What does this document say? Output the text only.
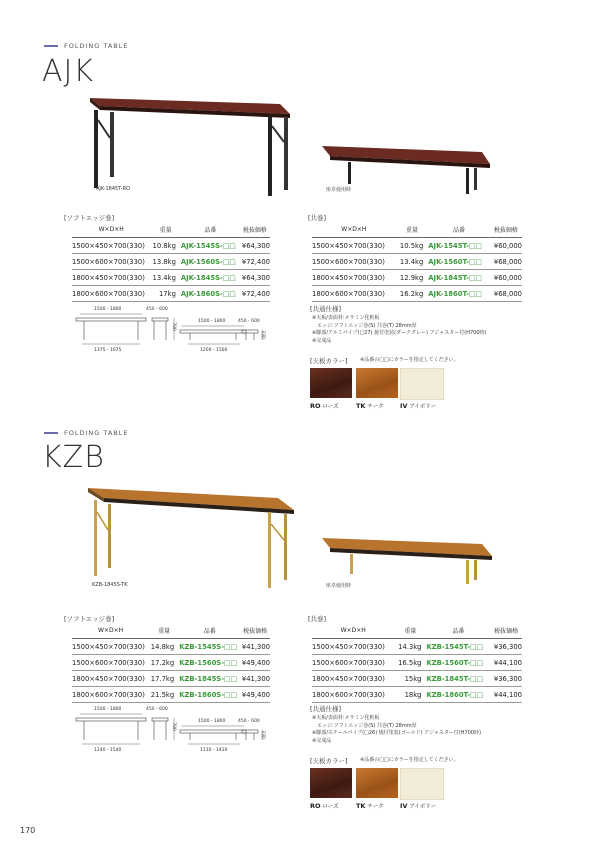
FOLDING TABLE
AJK
AJK-1845T-RO	座卓使用時
[ソフトエッジ巻]
W×D×H	重量	品番	税抜価格
1500×450×700(330)	10.8kg	AJK-1545S-□□	¥64,300
1500×600×700(330)	13.8kg	AJK-1560S-□□	¥72,400
1800×450×700(330)	13.4kg	AJK-1845S-□□	¥64,300
1800×600×700(330)	17kg	AJK-1860S-□□	¥72,400
[共巻]
W×D×H	重量	品番	税抜価格
1500×450×700(330)	10.5kg	AJK-1545T-□□	¥60,000
1500×600×700(330)	13.4kg	AJK-1560T-□□	¥68,000
1800×450×700(330)	12.9kg	AJK-1845T-□□	¥60,000
1800×600×700(330)	16.2kg	AJK-1860T-□□	¥68,000
1500・1800	450・600
1375・1675
700
1500・1800	450・600
1200・1500
330
[共通仕様]
※天板/表面材:メラミン化粧板
　エッジ:ソフトエッジ巻(S) 共巻(T) 28mm厚
※脚部/アルミパイプ(□27) 焼付塗装(ダークグレー) アジャスター付(H700時)
※完成品
[天板カラー] ※品番の□□にカラーを指定してください。
RO ローズ	TK チーク	IV アイボリー
FOLDING TABLE
KZB
KZB-1845S-TK	座卓使用時
[ソフトエッジ巻]
W×D×H	重量	品番	税抜価格
1500×450×700(330)	14.8kg	KZB-1545S-□□	¥41,300
1500×600×700(330)	17.2kg	KZB-1560S-□□	¥49,400
1800×450×700(330)	17.7kg	KZB-1845S-□□	¥41,300
1800×600×700(330)	21.5kg	KZB-1860S-□□	¥49,400
[共巻]
W×D×H	重量	品番	税抜価格
1500×450×700(330)	14.3kg	KZB-1545T-□□	¥36,300
1500×600×700(330)	16.5kg	KZB-1560T-□□	¥44,100
1800×450×700(330)	15kg	KZB-1845T-□□	¥36,300
1800×600×700(330)	18kg	KZB-1860T-□□	¥44,100
1500・1800	450・600
1240・1540
700
1500・1800	450・600
1110・1410
330
[共通仕様]
※天板/表面材:メラミン化粧板
　エッジ:ソフトエッジ巻(S) 共巻(T) 28mm厚
※脚部/スチールパイプ(□26) 焼付塗装(ゴールド) アジャスター付(H700時)
※完成品
[天板カラー] ※品番の□□にカラーを指定してください。
RO ローズ	TK チーク	IV アイボリー
170
